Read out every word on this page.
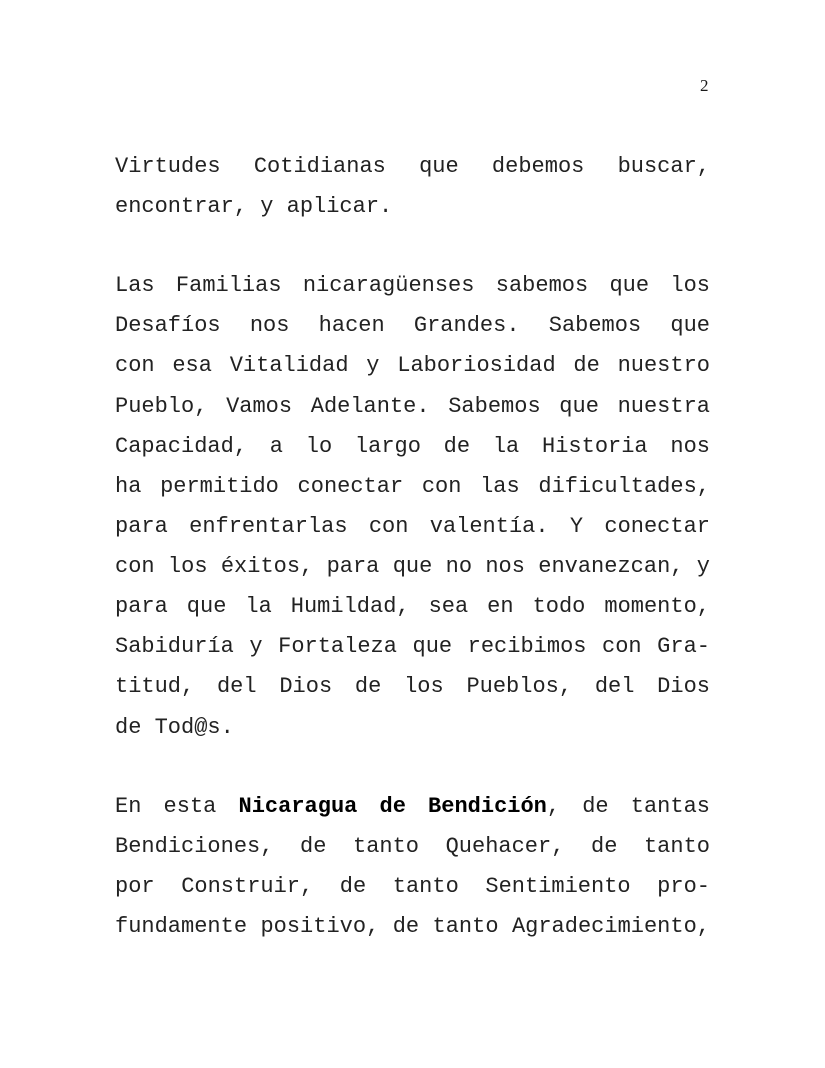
2
Virtudes Cotidianas que debemos buscar,
encontrar, y aplicar.
Las Familias nicaragüenses sabemos que los
Desafíos nos hacen Grandes. Sabemos que
con esa Vitalidad y Laboriosidad de nuestro
Pueblo, Vamos Adelante. Sabemos que nuestra
Capacidad, a lo largo de la Historia nos
ha permitido conectar con las dificultades,
para enfrentarlas con valentía. Y conectar
con los éxitos, para que no nos envanezcan, y
para que la Humildad, sea en todo momento,
Sabiduría y Fortaleza que recibimos con Gra-
titud, del Dios de los Pueblos, del Dios
de Tod@s.
En esta Nicaragua de Bendición, de tantas
Bendiciones, de tanto Quehacer, de tanto
por Construir, de tanto Sentimiento pro-
fundamente positivo, de tanto Agradecimiento,
